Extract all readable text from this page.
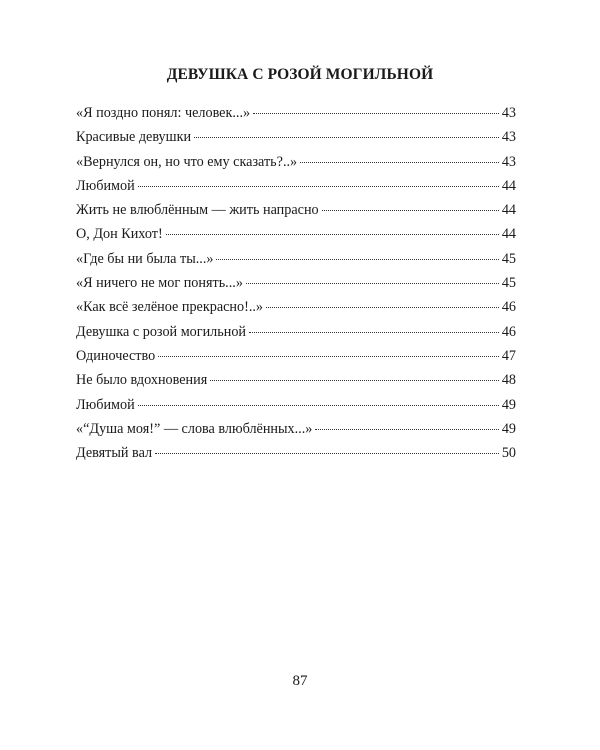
ДЕВУШКА С РОЗОЙ МОГИЛЬНОЙ
«Я поздно понял: человек...»	43
Красивые девушки	43
«Вернулся он, но что ему сказать?..»	43
Любимой	44
Жить не влюблённым — жить напрасно	44
О, Дон Кихот!	44
«Где бы ни была ты...»	45
«Я ничего не мог понять...»	45
«Как всё зелёное прекрасно!..»	46
Девушка с розой могильной	46
Одиночество	47
Не было вдохновения	48
Любимой	49
«“Душа моя!” — слова влюблённых...»	49
Девятый вал	50
87
